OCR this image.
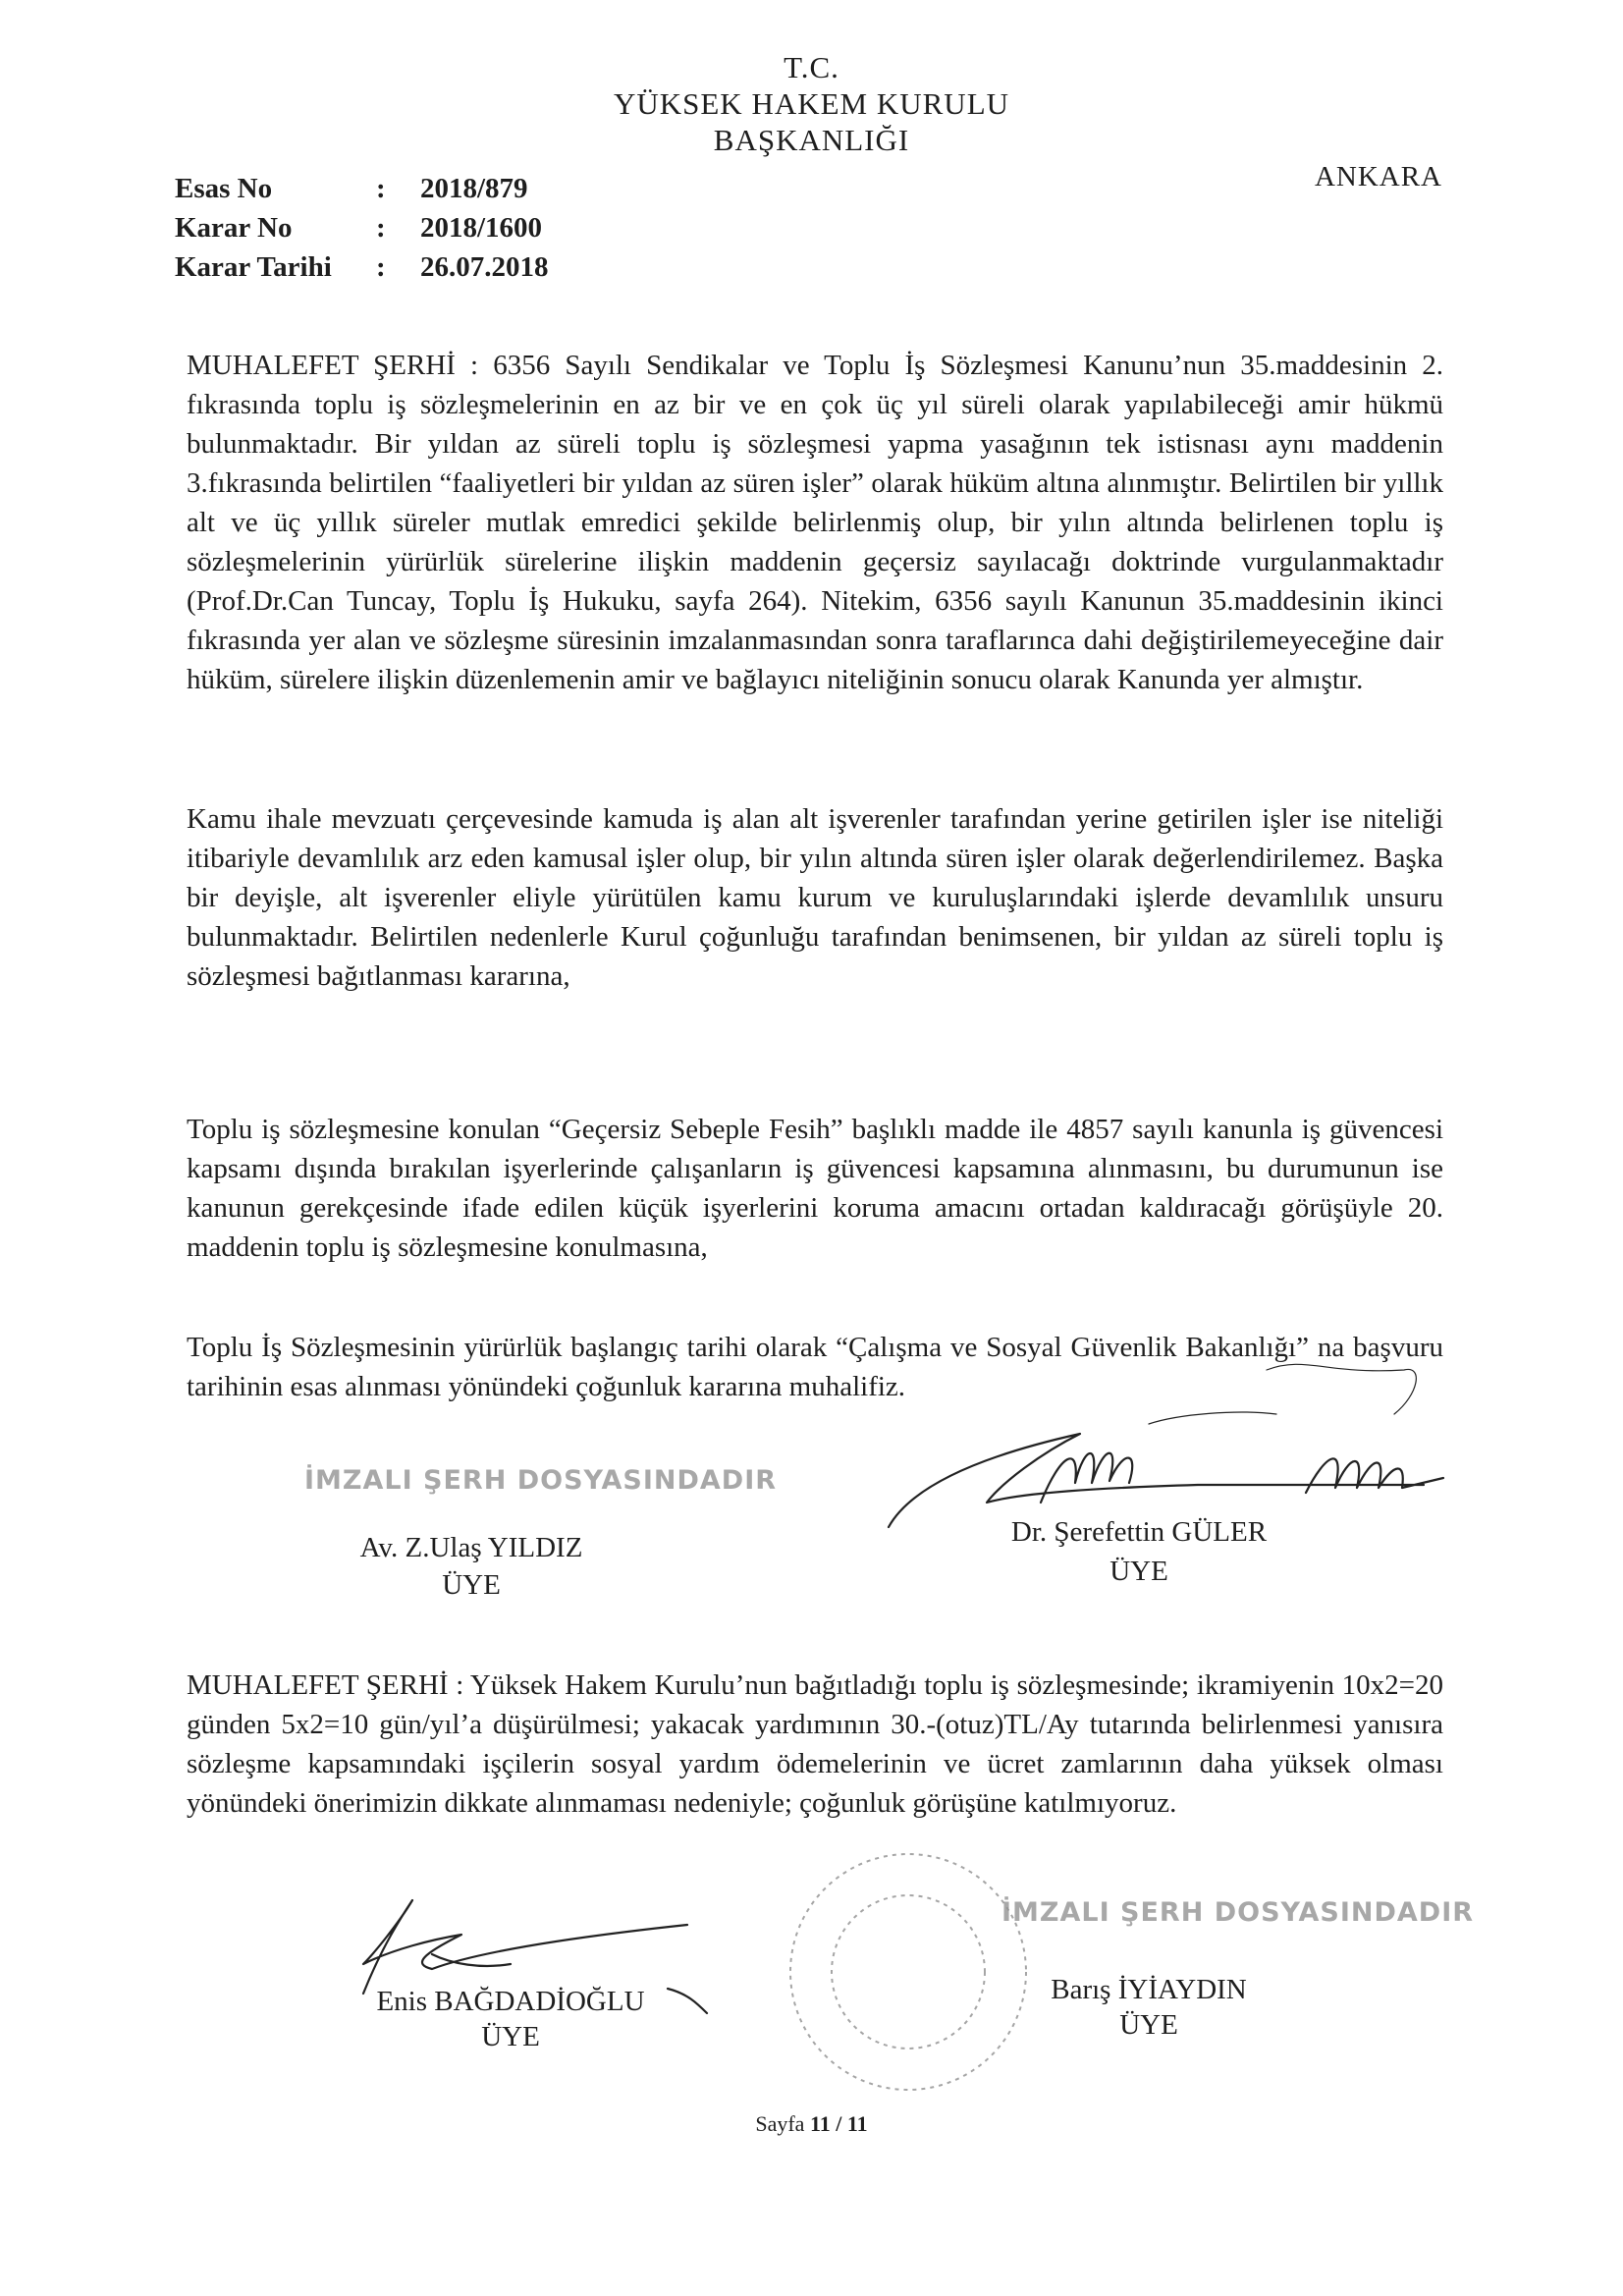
T.C.
YÜKSEK HAKEM KURULU
BAŞKANLIĞI
Esas No	:	2018/879
Karar No	:	2018/1600
Karar Tarihi	:	26.07.2018
ANKARA

MUHALEFET ŞERHİ : 6356 Sayılı Sendikalar ve Toplu İş Sözleşmesi Kanunu’nun 35.maddesinin 2. fıkrasında toplu iş sözleşmelerinin en az bir ve en çok üç yıl süreli olarak yapılabileceği amir hükmü bulunmaktadır. Bir yıldan az süreli toplu iş sözleşmesi yapma yasağının tek istisnası aynı maddenin 3.fıkrasında belirtilen “faaliyetleri bir yıldan az süren işler” olarak hüküm altına alınmıştır. Belirtilen bir yıllık alt ve üç yıllık süreler mutlak emredici şekilde belirlenmiş olup, bir yılın altında belirlenen toplu iş sözleşmelerinin yürürlük sürelerine ilişkin maddenin geçersiz sayılacağı doktrinde vurgulanmaktadır (Prof.Dr.Can Tuncay, Toplu İş Hukuku, sayfa 264). Nitekim, 6356 sayılı Kanunun 35.maddesinin ikinci fıkrasında yer alan ve sözleşme süresinin imzalanmasından sonra taraflarınca dahi değiştirilemeyeceğine dair hüküm, sürelere ilişkin düzenlemenin amir ve bağlayıcı niteliğinin sonucu olarak Kanunda yer almıştır.

Kamu ihale mevzuatı çerçevesinde kamuda iş alan alt işverenler tarafından yerine getirilen işler ise niteliği itibariyle devamlılık arz eden kamusal işler olup, bir yılın altında süren işler olarak değerlendirilemez. Başka bir deyişle, alt işverenler eliyle yürütülen kamu kurum ve kuruluşlarındaki işlerde devamlılık unsuru bulunmaktadır. Belirtilen nedenlerle Kurul çoğunluğu tarafından benimsenen, bir yıldan az süreli toplu iş sözleşmesi bağıtlanması kararına,

Toplu iş sözleşmesine konulan “Geçersiz Sebeple Fesih” başlıklı madde ile 4857 sayılı kanunla iş güvencesi kapsamı dışında bırakılan işyerlerinde çalışanların iş güvencesi kapsamına alınmasını, bu durumunun ise kanunun gerekçesinde ifade edilen küçük işyerlerini koruma amacını ortadan kaldıracağı görüşüyle 20. maddenin toplu iş sözleşmesine konulmasına,

Toplu İş Sözleşmesinin yürürlük başlangıç tarihi olarak “Çalışma ve Sosyal Güvenlik Bakanlığı” na başvuru tarihinin esas alınması yönündeki çoğunluk kararına muhalifiz.

İMZALI ŞERH DOSYASINDADIR
Av. Z.Ulaş YILDIZ
ÜYE
Dr. Şerefettin GÜLER
ÜYE

MUHALEFET ŞERHİ : Yüksek Hakem Kurulu’nun bağıtladığı toplu iş sözleşmesinde; ikramiyenin 10x2=20 günden 5x2=10 gün/yıl’a düşürülmesi; yakacak yardımının 30.-(otuz)TL/Ay tutarında belirlenmesi yanısıra sözleşme kapsamındaki işçilerin sosyal yardım ödemelerinin ve ücret zamlarının daha yüksek olması yönündeki önerimizin dikkate alınmaması nedeniyle; çoğunluk görüşüne katılmıyoruz.

İMZALI ŞERH DOSYASINDADIR
Enis BAĞDADİOĞLU
ÜYE
Barış İYİAYDIN
ÜYE
Sayfa 11 / 11
